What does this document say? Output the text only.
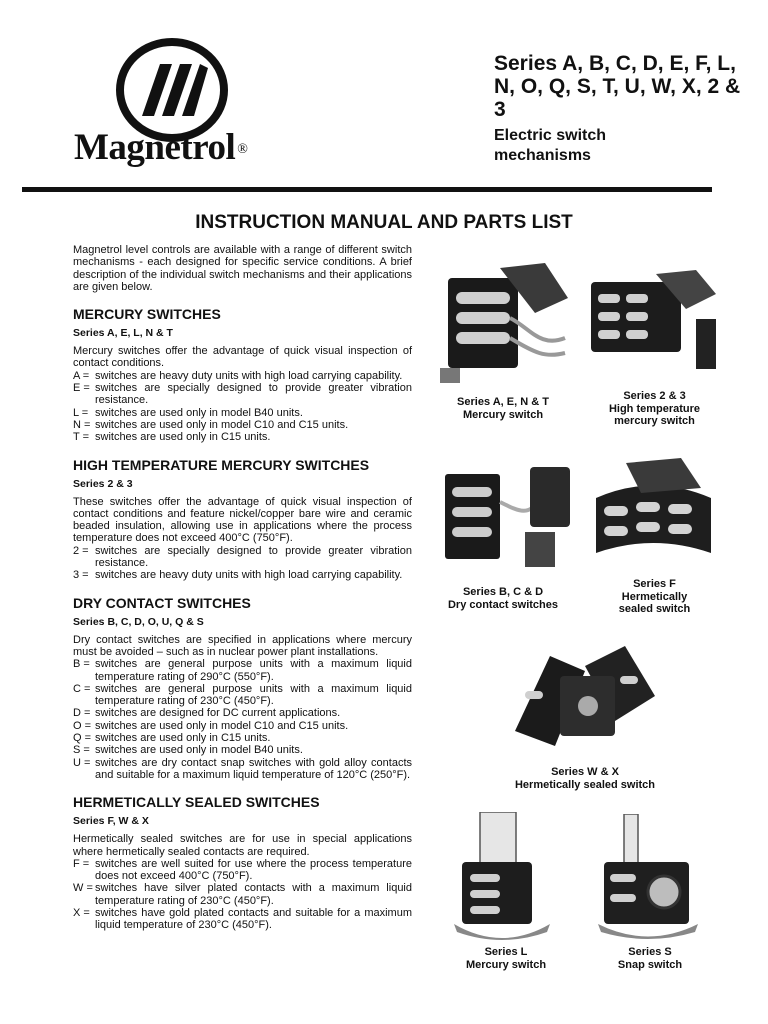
Magnetrol ®
Series A, B, C, D, E, F, L, N, O, Q, S, T, U, W, X, 2 & 3
Electric switch mechanisms
INSTRUCTION MANUAL AND PARTS LIST

Magnetrol level controls are available with a range of different switch mechanisms - each designed for specific service conditions. A brief description of the individual switch mechanisms and their applications are given below.

MERCURY SWITCHES
Series A, E, L, N & T

Mercury switches offer the advantage of quick visual inspection of contact conditions.

A = switches are heavy duty units with high load carrying capability.
E = switches are specially designed to provide greater vibration resistance.
L = switches are used only in model B40 units.
N = switches are used only in model C10 and C15 units.
T = switches are used only in C15 units.
HIGH TEMPERATURE MERCURY SWITCHES
Series 2 & 3

These switches offer the advantage of quick visual inspection of contact conditions and feature nickel/copper bare wire and ceramic beaded insulation, allowing use in applications where the process temperature does not exceed 400°C (750°F).

2 = switches are specially designed to provide greater vibration resistance.
3 = switches are heavy duty units with high load carrying capability.
DRY CONTACT SWITCHES
Series B, C, D, O, U, Q & S

Dry contact switches are specified in applications where mercury must be avoided – such as in nuclear power plant installations.

B = switches are general purpose units with a maximum liquid temperature rating of 290°C (550°F).
C = switches are general purpose units with a maximum liquid temperature rating of 230°C (450°F).
D = switches are designed for DC current applications.
O = switches are used only in model C10 and C15 units.
Q = switches are used only in C15 units.
S = switches are used only in model B40 units.
U = switches are dry contact snap switches with gold alloy contacts and suitable for a maximum liquid temperature of 120°C (250°F).
HERMETICALLY SEALED SWITCHES
Series F, W & X

Hermetically sealed switches are for use in special applications where hermetically sealed contacts are required.

F = switches are well suited for use where the process temperature does not exceed 400°C (750°F).
W = switches have silver plated contacts with a maximum liquid temperature rating of 230°C (450°F).
X = switches have gold plated contacts and suitable for a maximum liquid temperature of 230°C (450°F).
Series A, E, N & T
Mercury switch
Series 2 & 3
High temperature
mercury switch
Series B, C & D
Dry contact switches
Series F
Hermetically
sealed switch
Series W & X
Hermetically sealed switch
Series L
Mercury switch
Series S
Snap switch
